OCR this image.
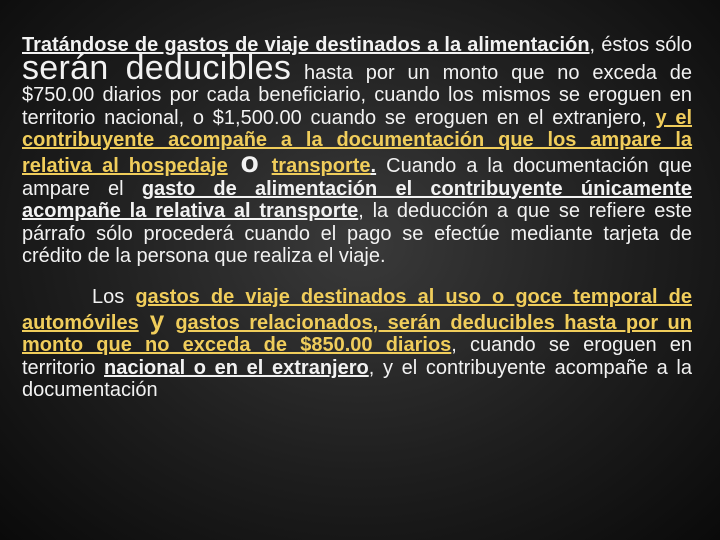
Tratándose de gastos de viaje destinados a la alimentación, éstos sólo serán deducibles hasta por un monto que no exceda de $750.00 diarios por cada beneficiario, cuando los mismos se eroguen en territorio nacional, o $1,500.00 cuando se eroguen en el extranjero, y el contribuyente acompañe a la documentación que los ampare la relativa al hospedaje o transporte. Cuando a la documentación que ampare el gasto de alimentación el contribuyente únicamente acompañe la relativa al transporte, la deducción a que se refiere este párrafo sólo procederá cuando el pago se efectúe mediante tarjeta de crédito de la persona que realiza el viaje.

Los gastos de viaje destinados al uso o goce temporal de automóviles y gastos relacionados, serán deducibles hasta por un monto que no exceda de $850.00 diarios, cuando se eroguen en territorio nacional o en el extranjero, y el contribuyente acompañe a la documentación
